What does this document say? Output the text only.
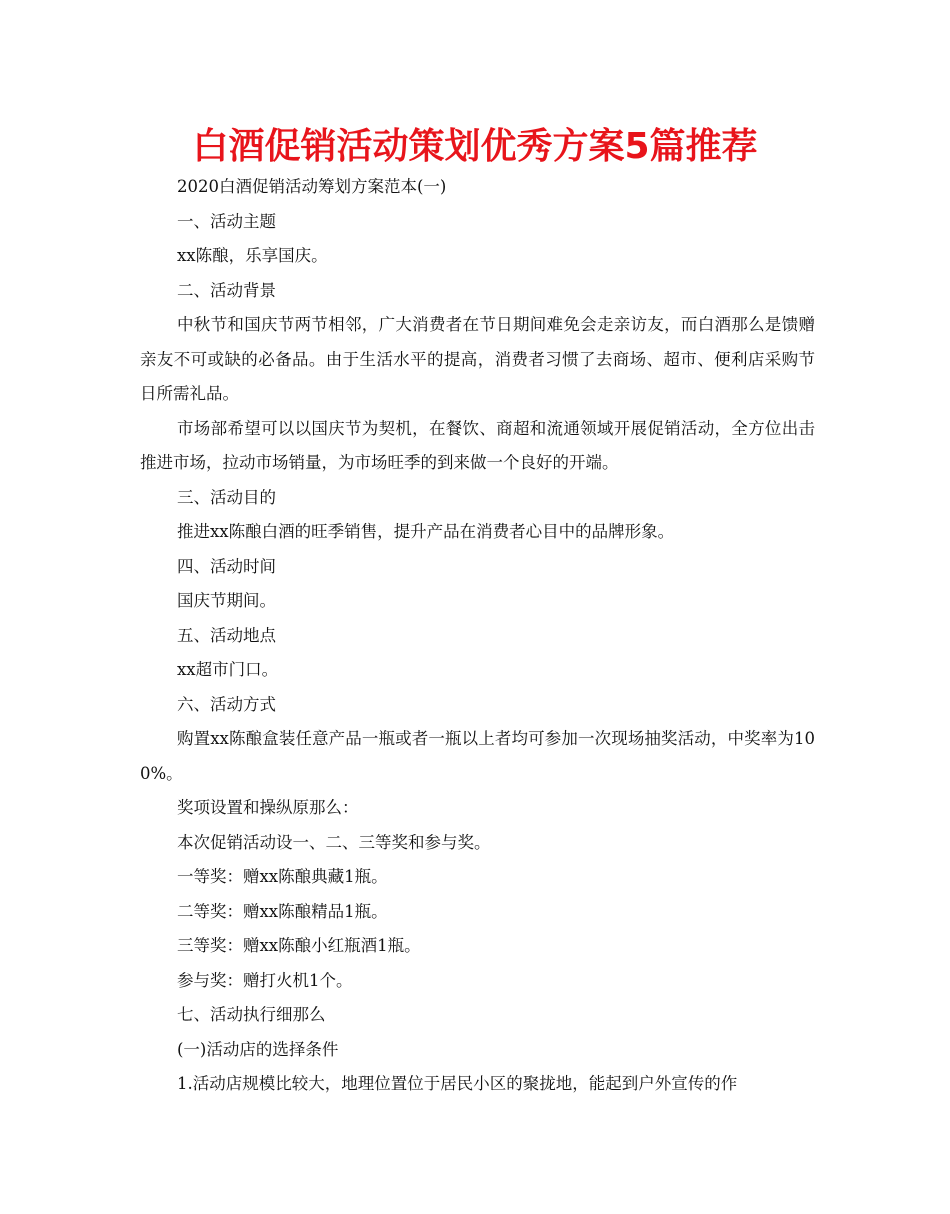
白酒促销活动策划优秀方案5篇推荐

2020白酒促销活动筹划方案范本(一)

一、活动主题

xx陈酿，乐享国庆。

二、活动背景

中秋节和国庆节两节相邻，广大消费者在节日期间难免会走亲访友，而白酒那么是馈赠亲友不可或缺的必备品。由于生活水平的提高，消费者习惯了去商场、超市、便利店采购节日所需礼品。

市场部希望可以以国庆节为契机，在餐饮、商超和流通领域开展促销活动，全方位出击推进市场，拉动市场销量，为市场旺季的到来做一个良好的开端。

三、活动目的

推进xx陈酿白酒的旺季销售，提升产品在消费者心目中的品牌形象。

四、活动时间

国庆节期间。

五、活动地点

xx超市门口。

六、活动方式

购置xx陈酿盒装任意产品一瓶或者一瓶以上者均可参加一次现场抽奖活动，中奖率为100%。

奖项设置和操纵原那么：

本次促销活动设一、二、三等奖和参与奖。

一等奖：赠xx陈酿典藏1瓶。

二等奖：赠xx陈酿精品1瓶。

三等奖：赠xx陈酿小红瓶酒1瓶。

参与奖：赠打火机1个。

七、活动执行细那么

(一)活动店的选择条件

1.活动店规模比较大，地理位置位于居民小区的聚拢地，能起到户外宣传的作
